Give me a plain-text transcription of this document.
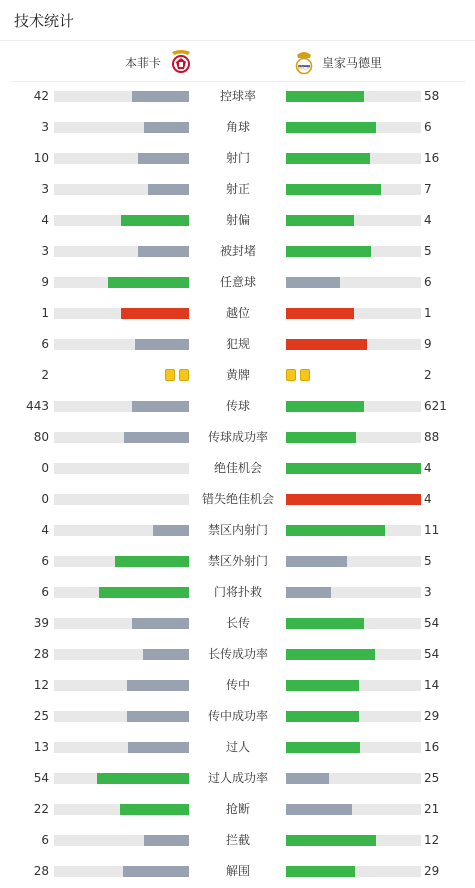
技术统计
本菲卡	MCF 皇家马德里
42	控球率	58
3	角球	6
10	射门	16
3	射正	7
4	射偏	4
3	被封堵	5
9	任意球	6
1	越位	1
6	犯规	9
2	黄牌	2
443	传球	621
80	传球成功率	88
0	绝佳机会	4
0	错失绝佳机会	4
4	禁区内射门	11
6	禁区外射门	5
6	门将扑救	3
39	长传	54
28	长传成功率	54
12	传中	14
25	传中成功率	29
13	过人	16
54	过人成功率	25
22	抢断	21
6	拦截	12
28	解围	29
